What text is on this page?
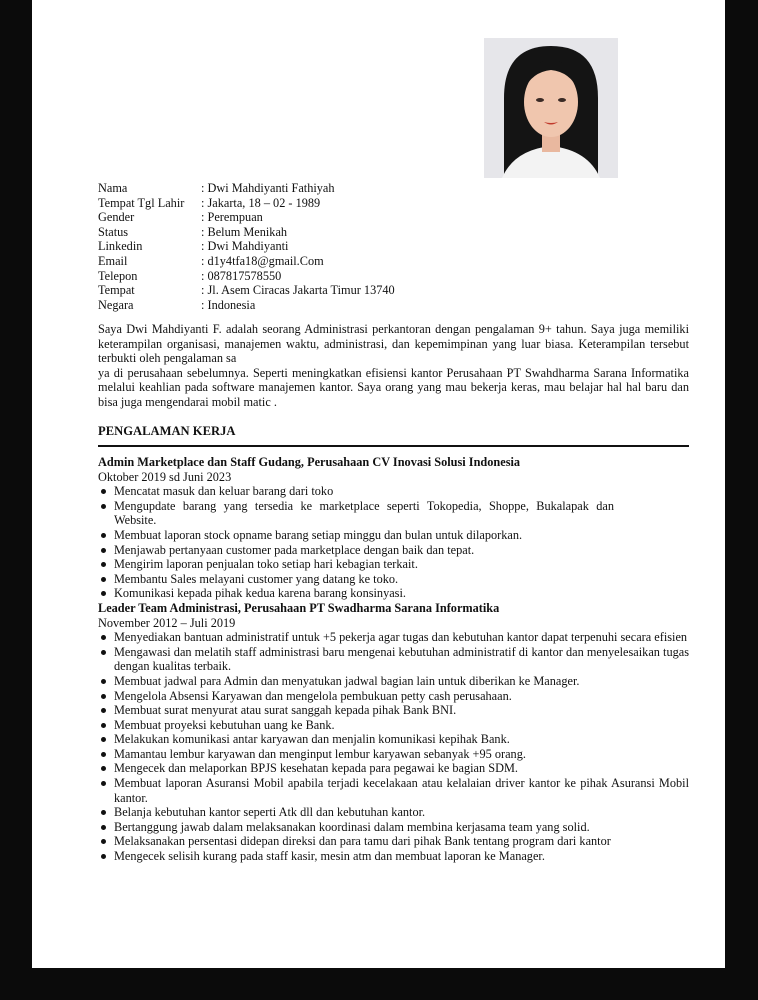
Nama	: Dwi Mahdiyanti Fathiyah
Tempat Tgl Lahir	: Jakarta, 18 – 02 - 1989
Gender	: Perempuan
Status	: Belum Menikah
Linkedin	: Dwi Mahdiyanti
Email	: d1y4tfa18@gmail.Com
Telepon	: 087817578550
Tempat	: Jl. Asem Ciracas Jakarta Timur 13740
Negara	: Indonesia

Saya Dwi Mahdiyanti F. adalah seorang Administrasi perkantoran dengan pengalaman 9+ tahun. Saya juga memiliki keterampilan organisasi, manajemen waktu, administrasi, dan kepemimpinan yang luar biasa. Keterampilan tersebut terbukti oleh pengalaman sa

ya di perusahaan sebelumnya. Seperti meningkatkan efisiensi kantor Perusahaan PT Swahdharma Sarana Informatika melalui keahlian pada software manajemen kantor. Saya orang yang mau bekerja keras, mau belajar hal hal baru dan bisa juga mengendarai mobil matic .

PENGALAMAN KERJA
Admin Marketplace dan Staff Gudang, Perusahaan CV Inovasi Solusi Indonesia
Oktober 2019 sd Juni 2023
Mencatat masuk dan keluar barang dari toko
Mengupdate barang yang tersedia ke marketplace seperti Tokopedia, Shoppe, Bukalapak dan Website.
Membuat laporan stock opname barang setiap minggu dan bulan untuk dilaporkan.
Menjawab pertanyaan customer pada marketplace dengan baik dan tepat.
Mengirim laporan penjualan toko setiap hari kebagian terkait.
Membantu Sales melayani customer yang datang ke toko.
Komunikasi kepada pihak kedua karena barang konsinyasi.
Leader Team Administrasi, Perusahaan PT Swadharma Sarana Informatika
November 2012 – Juli 2019
Menyediakan bantuan administratif untuk +5 pekerja agar tugas dan kebutuhan kantor dapat terpenuhi secara efisien
Mengawasi dan melatih staff administrasi baru mengenai kebutuhan administratif di kantor dan menyelesaikan tugas dengan kualitas terbaik.
Membuat jadwal para Admin dan menyatukan jadwal bagian lain untuk diberikan ke Manager.
Mengelola Absensi Karyawan dan mengelola pembukuan petty cash perusahaan.
Membuat surat menyurat atau surat sanggah kepada pihak Bank BNI.
Membuat proyeksi kebutuhan uang ke Bank.
Melakukan komunikasi antar karyawan dan menjalin komunikasi kepihak Bank.
Mamantau lembur karyawan dan menginput lembur karyawan sebanyak +95 orang.
Mengecek dan melaporkan BPJS kesehatan kepada para pegawai ke bagian SDM.
Membuat laporan Asuransi Mobil apabila terjadi kecelakaan atau kelalaian driver kantor ke pihak Asuransi Mobil kantor.
Belanja kebutuhan kantor seperti Atk dll dan kebutuhan kantor.
Bertanggung jawab dalam melaksanakan koordinasi dalam membina kerjasama team yang solid.
Melaksanakan persentasi didepan direksi dan para tamu dari pihak Bank tentang program dari kantor
Mengecek selisih kurang pada staff kasir, mesin atm dan membuat laporan ke Manager.
